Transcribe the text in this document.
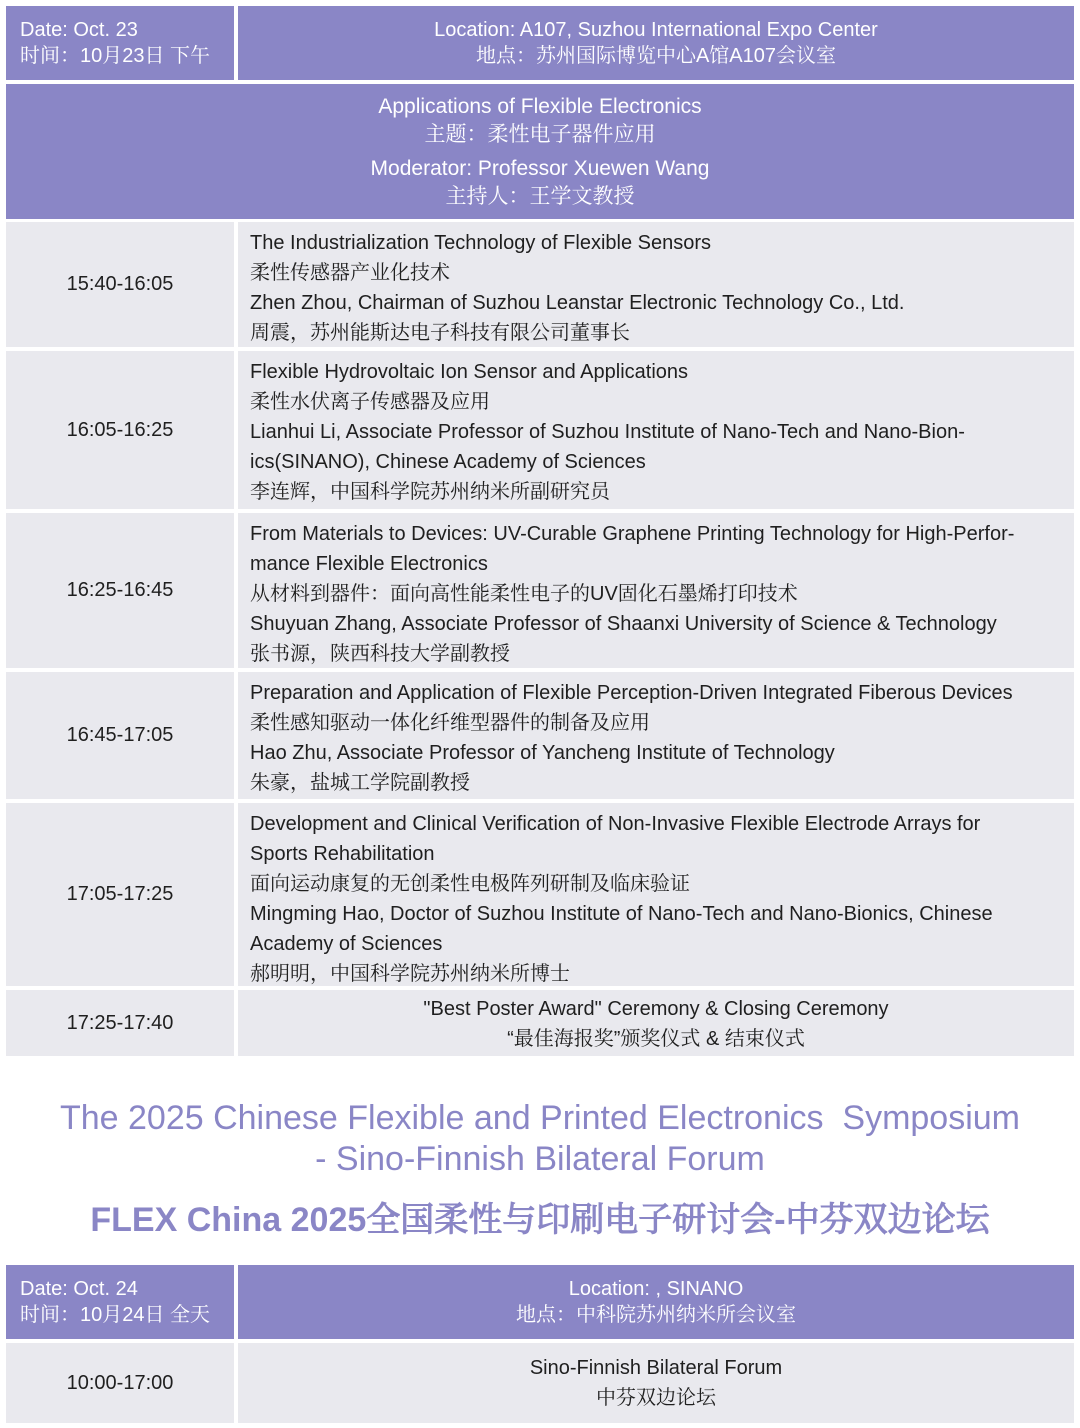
Date: Oct. 23
时间：10月23日 下午
Location: A107, Suzhou International Expo Center
地点：苏州国际博览中心A馆A107会议室
Applications of Flexible Electronics
主题：柔性电子器件应用
Moderator: Professor Xuewen Wang
主持人：王学文教授
15:40-16:05
The Industrialization Technology of Flexible Sensors
柔性传感器产业化技术
Zhen Zhou, Chairman of Suzhou Leanstar Electronic Technology Co., Ltd.
周震，苏州能斯达电子科技有限公司董事长
16:05-16:25
Flexible Hydrovoltaic Ion Sensor and Applications
柔性水伏离子传感器及应用
Lianhui Li, Associate Professor of Suzhou Institute of Nano-Tech and Nano-Bion-
ics(SINANO), Chinese Academy of Sciences
李连辉，中国科学院苏州纳米所副研究员
16:25-16:45
From Materials to Devices: UV-Curable Graphene Printing Technology for High-Perfor-
mance Flexible Electronics
从材料到器件：面向高性能柔性电子的UV固化石墨烯打印技术
Shuyuan Zhang, Associate Professor of Shaanxi University of Science & Technology
张书源，陕西科技大学副教授
16:45-17:05
Preparation and Application of Flexible Perception-Driven Integrated Fiberous Devices
柔性感知驱动一体化纤维型器件的制备及应用
Hao Zhu, Associate Professor of Yancheng Institute of Technology
朱豪，盐城工学院副教授
17:05-17:25
Development and Clinical Verification of Non-Invasive Flexible Electrode Arrays for
Sports Rehabilitation
面向运动康复的无创柔性电极阵列研制及临床验证
Mingming Hao, Doctor of Suzhou Institute of Nano-Tech and Nano-Bionics, Chinese
Academy of Sciences
郝明明，中国科学院苏州纳米所博士
17:25-17:40
"Best Poster Award" Ceremony & Closing Ceremony
“最佳海报奖”颁奖仪式 & 结束仪式
The 2025 Chinese Flexible and Printed Electronics  Symposium
- Sino-Finnish Bilateral Forum
FLEX China 2025全国柔性与印刷电子研讨会-中芬双边论坛
Date: Oct. 24
时间：10月24日 全天
Location: , SINANO
地点：中科院苏州纳米所会议室
10:00-17:00
Sino-Finnish Bilateral Forum
中芬双边论坛
